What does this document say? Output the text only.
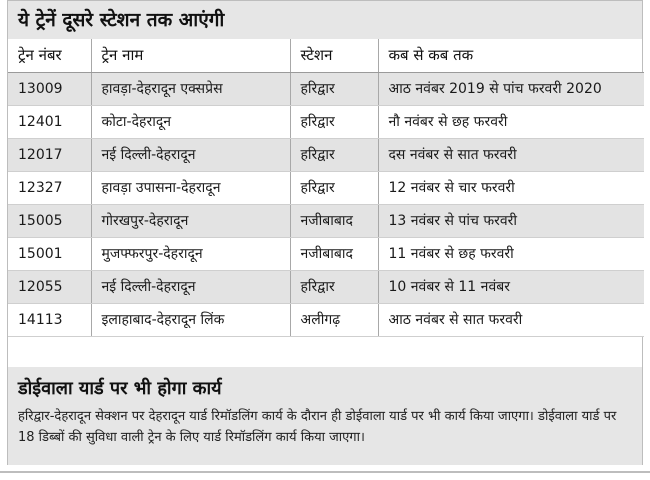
ये ट्रेनें दूसरे स्टेशन तक आएंगी
ट्रेन नंबर	ट्रेन नाम	स्टेशन	कब से कब तक
13009	हावड़ा-देहरादून एक्सप्रेस	हरिद्वार	आठ नवंबर 2019 से पांच फरवरी 2020
12401	कोटा-देहरादून	हरिद्वार	नौ नवंबर से छह फरवरी
12017	नई दिल्ली-देहरादून	हरिद्वार	दस नवंबर से सात फरवरी
12327	हावड़ा उपासना-देहरादून	हरिद्वार	12 नवंबर से चार फरवरी
15005	गोरखपुर-देहरादून	नजीबाबाद	13 नवंबर से पांच फरवरी
15001	मुजफ्फरपुर-देहरादून	नजीबाबाद	11 नवंबर से छह फरवरी
12055	नई दिल्ली-देहरादून	हरिद्वार	10 नवंबर से 11 नवंबर
14113	इलाहाबाद-देहरादून लिंक	अलीगढ़	आठ नवंबर से सात फरवरी
डोईवाला यार्ड पर भी होगा कार्य

हरिद्वार-देहरादून सेक्शन पर देहरादून यार्ड रिमॉडलिंग कार्य के दौरान ही डोईवाला यार्ड पर भी कार्य किया जाएगा। डोईवाला यार्ड पर 18 डिब्बों की सुविधा वाली ट्रेन के लिए यार्ड रिमॉडलिंग कार्य किया जाएगा।
